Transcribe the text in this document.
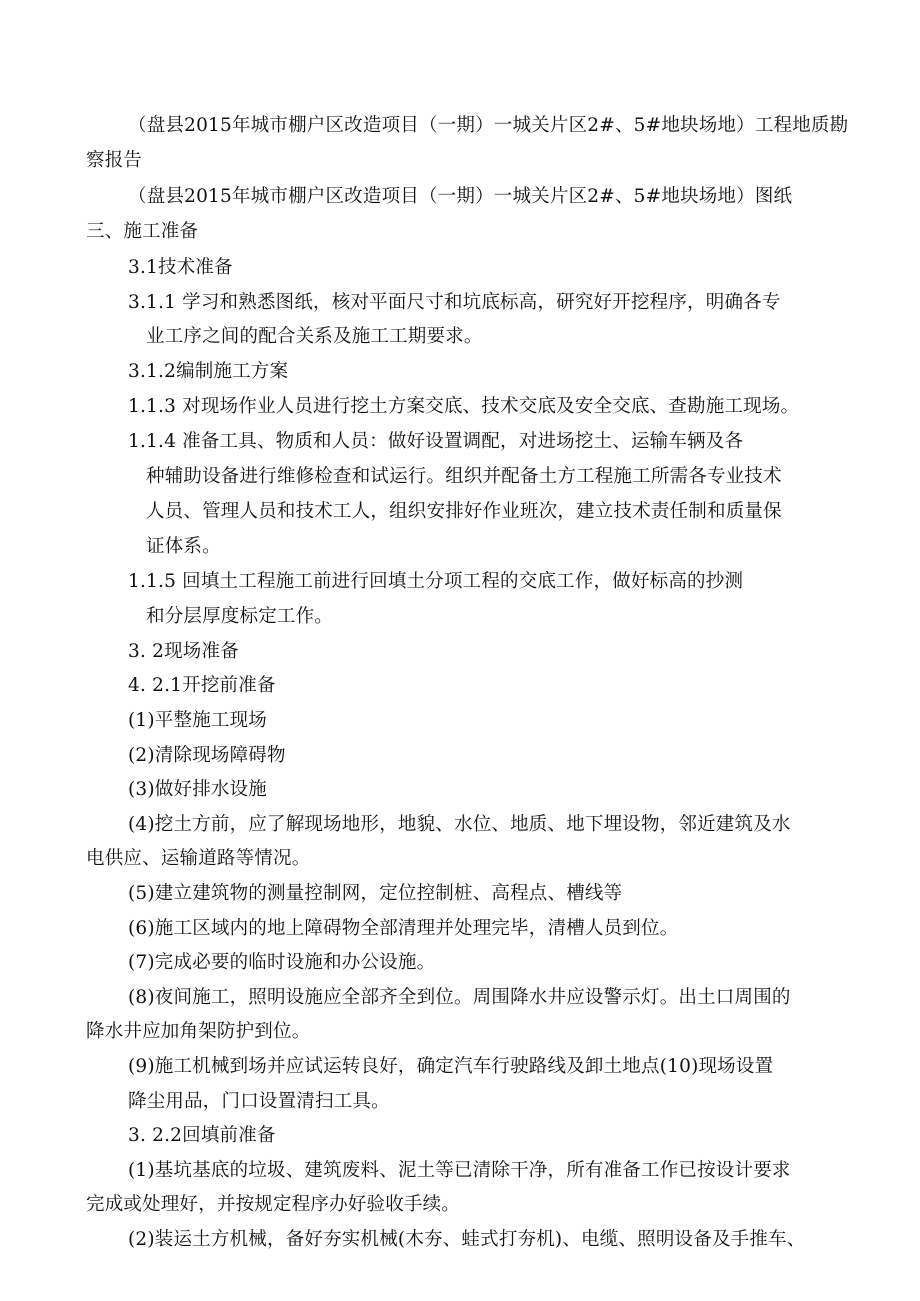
（盘县2015年城市棚户区改造项目（一期）一城关片区2#、5#地块场地）工程地质勘
察报告
（盘县2015年城市棚户区改造项目（一期）一城关片区2#、5#地块场地）图纸
三、施工准备
3.1技术准备
3.1.1 学习和熟悉图纸，核对平面尺寸和坑底标高，研究好开挖程序，明确各专
业工序之间的配合关系及施工工期要求。
3.1.2编制施工方案
1.1.3 对现场作业人员进行挖土方案交底、技术交底及安全交底、查勘施工现场。
1.1.4 准备工具、物质和人员：做好设置调配，对进场挖土、运输车辆及各
种辅助设备进行维修检查和试运行。组织并配备土方工程施工所需各专业技术
人员、管理人员和技术工人，组织安排好作业班次，建立技术责任制和质量保
证体系。
1.1.5 回填土工程施工前进行回填土分项工程的交底工作，做好标高的抄测
和分层厚度标定工作。
3. 2现场准备
4. 2.1开挖前准备
(1)平整施工现场
(2)清除现场障碍物
(3)做好排水设施
(4)挖土方前，应了解现场地形，地貌、水位、地质、地下埋设物，邻近建筑及水
电供应、运输道路等情况。
(5)建立建筑物的测量控制网，定位控制桩、高程点、槽线等
(6)施工区域内的地上障碍物全部清理并处理完毕，清槽人员到位。
(7)完成必要的临时设施和办公设施。
(8)夜间施工，照明设施应全部齐全到位。周围降水井应设警示灯。出土口周围的
降水井应加角架防护到位。
(9)施工机械到场并应试运转良好，确定汽车行驶路线及卸土地点(10)现场设置
降尘用品，门口设置清扫工具。
3. 2.2回填前准备
(1)基坑基底的垃圾、建筑废料、泥土等已清除干净，所有准备工作已按设计要求
完成或处理好，并按规定程序办好验收手续。
(2)装运土方机械，备好夯实机械(木夯、蛙式打夯机)、电缆、照明设备及手推车、
